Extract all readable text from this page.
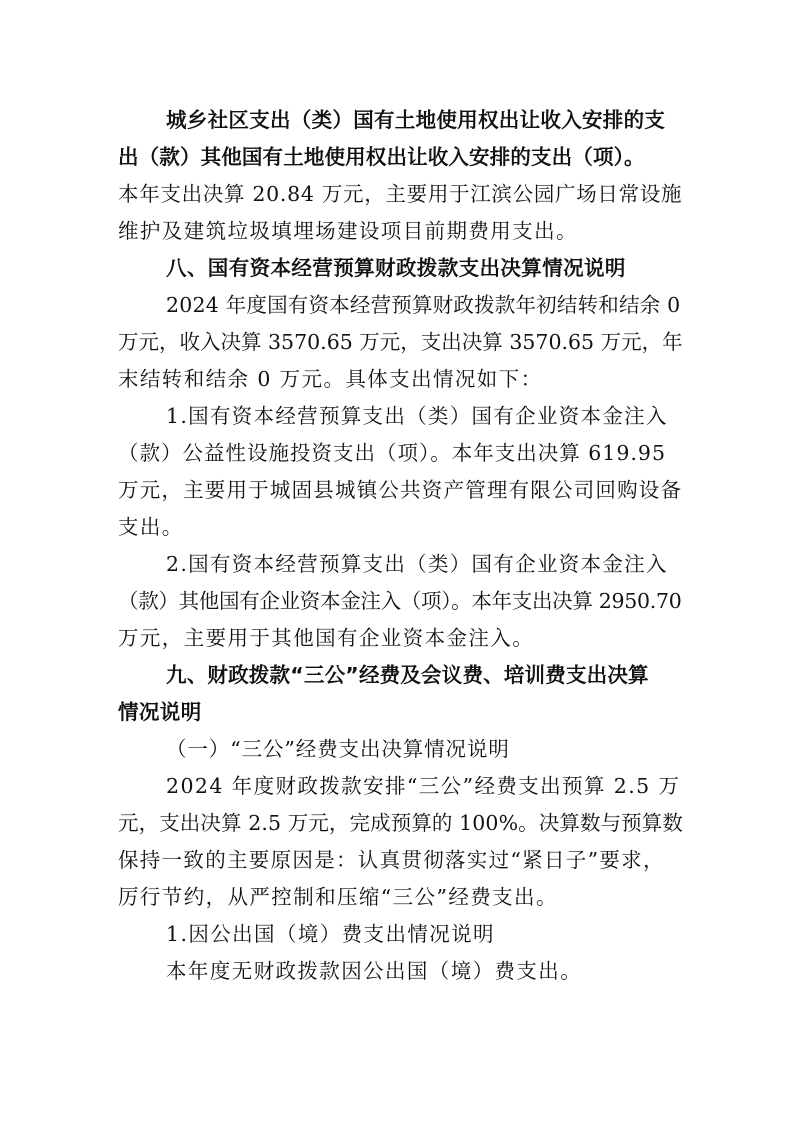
城乡社区支出（类）国有土地使用权出让收入安排的支
出（款）其他国有土地使用权出让收入安排的支出（项）。
本年支出决算 20.84 万元，主要用于江滨公园广场日常设施
维护及建筑垃圾填埋场建设项目前期费用支出。
八、国有资本经营预算财政拨款支出决算情况说明
2024 年度国有资本经营预算财政拨款年初结转和结余 0
万元，收入决算 3570.65 万元，支出决算 3570.65 万元，年
末结转和结余 0 万元。具体支出情况如下：
1.国有资本经营预算支出（类）国有企业资本金注入
（款）公益性设施投资支出（项）。本年支出决算 619.95
万元，主要用于城固县城镇公共资产管理有限公司回购设备
支出。
2.国有资本经营预算支出（类）国有企业资本金注入
（款）其他国有企业资本金注入（项）。本年支出决算 2950.70
万元，主要用于其他国有企业资本金注入。
九、财政拨款“三公”经费及会议费、培训费支出决算
情况说明
（一）“三公”经费支出决算情况说明
2024 年度财政拨款安排“三公”经费支出预算 2.5 万
元，支出决算 2.5 万元，完成预算的 100%。决算数与预算数
保持一致的主要原因是：认真贯彻落实过“紧日子”要求，
厉行节约，从严控制和压缩“三公”经费支出。
1.因公出国（境）费支出情况说明
本年度无财政拨款因公出国（境）费支出。
